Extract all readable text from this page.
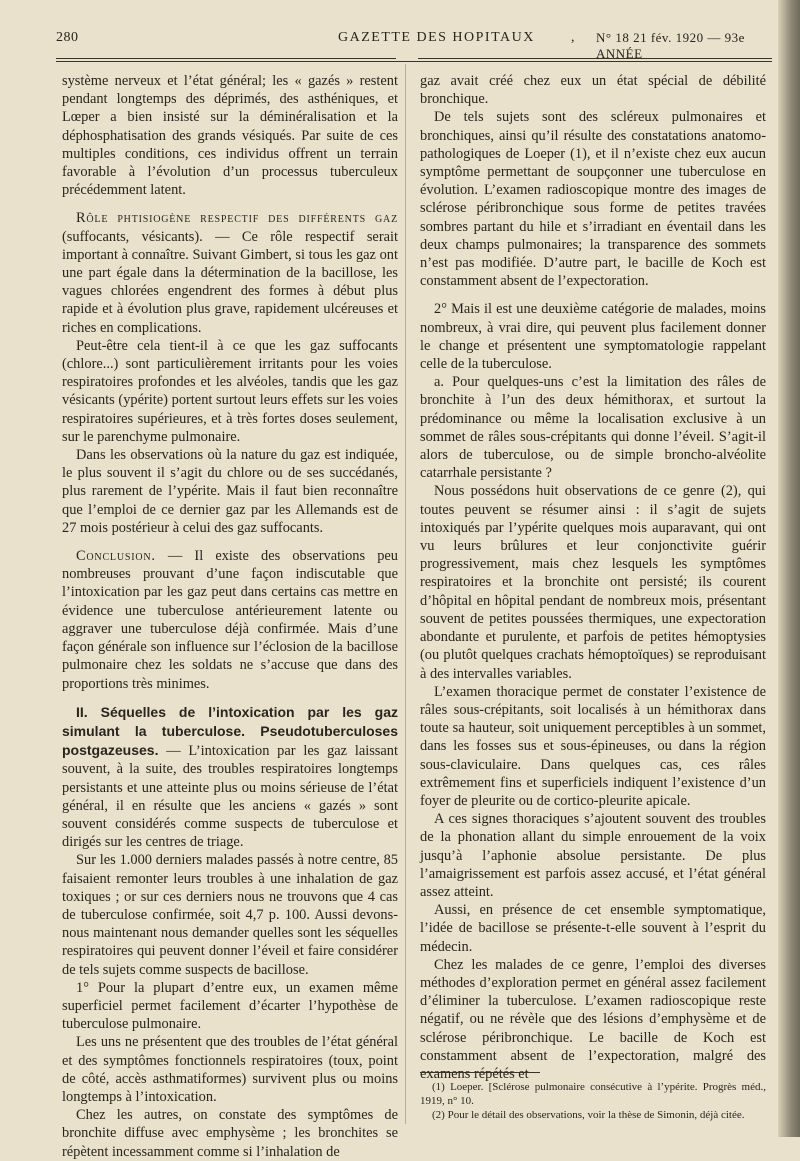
280	GAZETTE DES HOPITAUX	, N° 18 21 fév. 1920 — 93e ANNÉE

système nerveux et l’état général; les « gazés » restent pendant longtemps des déprimés, des asthéniques, et Lœper a bien insisté sur la déminéralisation et la déphosphatisation des grands vésiqués. Par suite de ces multiples conditions, ces individus offrent un terrain favorable à l’évolution d’un processus tuberculeux précédemment latent.

Rôle phtisiogène respectif des différents gaz (suffocants, vésicants). — Ce rôle respectif serait important à connaître. Suivant Gimbert, si tous les gaz ont une part égale dans la détermination de la bacillose, les vagues chlorées engendrent des formes à début plus rapide et à évolution plus grave, rapidement ulcéreuses et riches en complications.

Peut-être cela tient-il à ce que les gaz suffocants (chlore...) sont particulièrement irritants pour les voies respiratoires profondes et les alvéoles, tandis que les gaz vésicants (ypérite) portent surtout leurs effets sur les voies respiratoires supérieures, et à très fortes doses seulement, sur le parenchyme pulmonaire.

Dans les observations où la nature du gaz est indiquée, le plus souvent il s’agit du chlore ou de ses succédanés, plus rarement de l’ypérite. Mais il faut bien reconnaître que l’emploi de ce dernier gaz par les Allemands est de 27 mois postérieur à celui des gaz suffocants.

Conclusion. — Il existe des observations peu nombreuses prouvant d’une façon indiscutable que l’intoxication par les gaz peut dans certains cas mettre en évidence une tuberculose antérieurement latente ou aggraver une tuberculose déjà confirmée. Mais d’une façon générale son influence sur l’éclosion de la bacillose pulmonaire chez les soldats ne s’accuse que dans des proportions très minimes.

II. Séquelles de l’intoxication par les gaz simulant la tuberculose. Pseudotuberculoses postgazeuses. — L’intoxication par les gaz laissant souvent, à la suite, des troubles respiratoires longtemps persistants et une atteinte plus ou moins sérieuse de l’état général, il en résulte que les anciens « gazés » sont souvent considérés comme suspects de tuberculose et dirigés sur les centres de triage.

Sur les 1.000 derniers malades passés à notre centre, 85 faisaient remonter leurs troubles à une inhalation de gaz toxiques ; or sur ces derniers nous ne trouvons que 4 cas de tuberculose confirmée, soit 4,7 p. 100. Aussi devons-nous maintenant nous demander quelles sont les séquelles respiratoires qui peuvent donner l’éveil et faire considérer de tels sujets comme suspects de bacillose.

1° Pour la plupart d’entre eux, un examen même superficiel permet facilement d’écarter l’hypothèse de tuberculose pulmonaire.

Les uns ne présentent que des troubles de l’état général et des symptômes fonctionnels respiratoires (toux, point de côté, accès asthmatiformes) survivent plus ou moins longtemps à l’intoxication.

Chez les autres, on constate des symptômes de bronchite diffuse avec emphysème ; les bronchites se répètent incessamment comme si l’inhalation de

gaz avait créé chez eux un état spécial de débilité bronchique.

De tels sujets sont des scléreux pulmonaires et bronchiques, ainsi qu’il résulte des constatations anatomo-pathologiques de Loeper (1), et il n’existe chez eux aucun symptôme permettant de soupçonner une tuberculose en évolution. L’examen radioscopique montre des images de sclérose péribronchique sous forme de petites travées sombres partant du hile et s’irradiant en éventail dans les deux champs pulmonaires; la transparence des sommets n’est pas modifiée. D’autre part, le bacille de Koch est constamment absent de l’expectoration.

2° Mais il est une deuxième catégorie de malades, moins nombreux, à vrai dire, qui peuvent plus facilement donner le change et présentent une symptomatologie rappelant celle de la tuberculose.

a. Pour quelques-uns c’est la limitation des râles de bronchite à l’un des deux hémithorax, et surtout la prédominance ou même la localisation exclusive à un sommet de râles sous-crépitants qui donne l’éveil. S’agit-il alors de tuberculose, ou de simple broncho-alvéolite catarrhale persistante ?

Nous possédons huit observations de ce genre (2), qui toutes peuvent se résumer ainsi : il s’agit de sujets intoxiqués par l’ypérite quelques mois auparavant, qui ont vu leurs brûlures et leur conjonctivite guérir progressivement, mais chez lesquels les symptômes respiratoires et la bronchite ont persisté; ils courent d’hôpital en hôpital pendant de nombreux mois, présentant souvent de petites poussées thermiques, une expectoration abondante et purulente, et parfois de petites hémoptysies (ou plutôt quelques crachats hémoptoïques) se reproduisant à des intervalles variables.

L’examen thoracique permet de constater l’existence de râles sous-crépitants, soit localisés à un hémithorax dans toute sa hauteur, soit uniquement perceptibles à un sommet, dans les fosses sus et sous-épineuses, ou dans la région sous-claviculaire. Dans quelques cas, ces râles extrêmement fins et superficiels indiquent l’existence d’un foyer de pleurite ou de cortico-pleurite apicale.

A ces signes thoraciques s’ajoutent souvent des troubles de la phonation allant du simple enrouement de la voix jusqu’à l’aphonie absolue persistante. De plus l’amaigrissement est parfois assez accusé, et l’état général assez atteint.

Aussi, en présence de cet ensemble symptomatique, l’idée de bacillose se présente-t-elle souvent à l’esprit du médecin.

Chez les malades de ce genre, l’emploi des diverses méthodes d’exploration permet en général assez facilement d’éliminer la tuberculose. L’examen radioscopique reste négatif, ou ne révèle que des lésions d’emphysème et de sclérose péribronchique. Le bacille de Koch est constamment absent de l’expectoration, malgré des examens répétés et

(1) Loeper. [Sclérose pulmonaire consécutive à l’ypérite. Progrès méd., 1919, n° 10.

(2) Pour le détail des observations, voir la thèse de Simonin, déjà citée.
